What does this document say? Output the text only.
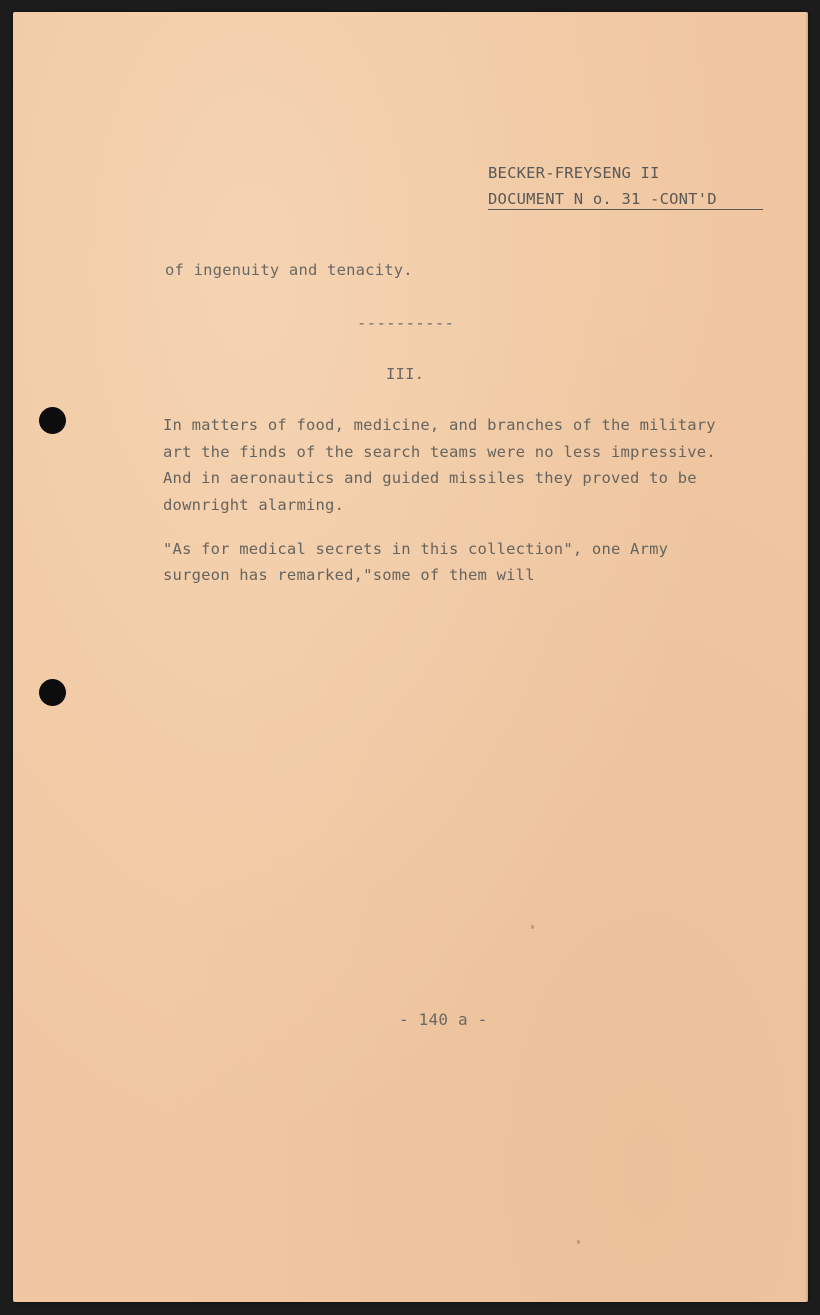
BECKER-FREYSENG II
DOCUMENT N o. 31 -CONT'D
of ingenuity and tenacity.
----------
III.
In matters of food, medicine, and branches of the military
art the finds of the search teams were no less impressive.
And in aeronautics and guided missiles they proved to be
downright alarming.
"As for medical secrets in this collection", one Army
surgeon has remarked,"some of them will
- 140 a -
